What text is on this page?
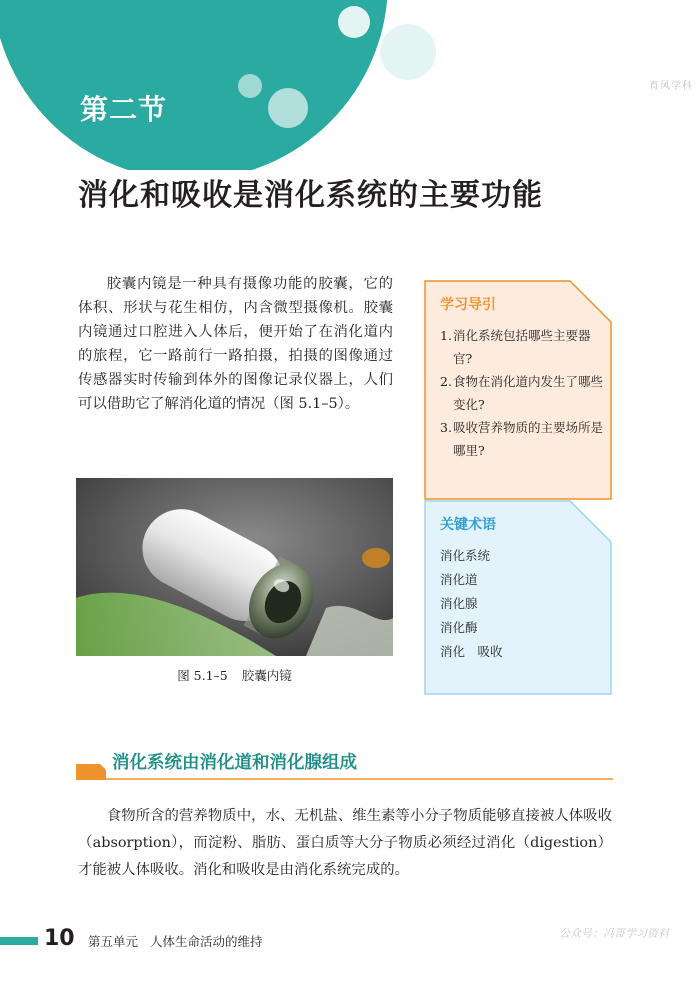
第二节
育风学科
消化和吸收是消化系统的主要功能

胶囊内镜是一种具有摄像功能的胶囊，它的体积、形状与花生相仿，内含微型摄像机。胶囊内镜通过口腔进入人体后，便开始了在消化道内的旅程，它一路前行一路拍摄，拍摄的图像通过传感器实时传输到体外的图像记录仪器上，人们可以借助它了解消化道的情况（图 5.1–5）。

图 5.1–5 胶囊内镜
学习导引
1.消化系统包括哪些主要器官?
2.食物在消化道内发生了哪些变化?
3.吸收营养物质的主要场所是哪里?
关键术语
消化系统
消化道
消化腺
消化酶
消化　吸收
消化系统由消化道和消化腺组成

食物所含的营养物质中，水、无机盐、维生素等小分子物质能够直接被人体吸收（absorption），而淀粉、脂肪、蛋白质等大分子物质必须经过消化（digestion）才能被人体吸收。消化和吸收是由消化系统完成的。

10 第五单元 人体生命活动的维持
公众号：冯哥学习资料
